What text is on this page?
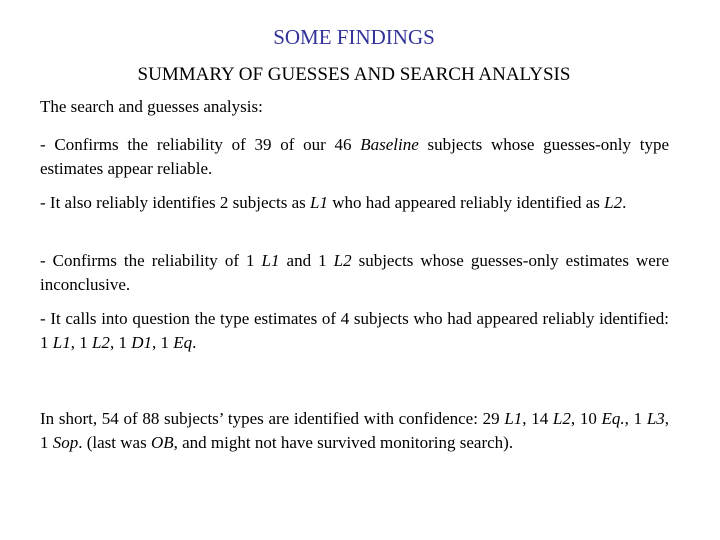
SOME FINDINGS
SUMMARY OF GUESSES AND SEARCH ANALYSIS
The search and guesses analysis:
- Confirms the reliability of 39 of our 46 Baseline subjects whose guesses-only type estimates appear reliable.
- It also reliably identifies 2 subjects as L1 who had appeared reliably identified as L2.
- Confirms the reliability of 1 L1 and 1 L2 subjects whose guesses-only estimates were inconclusive.
- It calls into question the type estimates of 4 subjects who had appeared reliably identified: 1 L1, 1 L2, 1 D1, 1 Eq.
In short, 54 of 88 subjects’ types are identified with confidence: 29 L1, 14 L2, 10 Eq., 1 L3, 1 Sop. (last was OB, and might not have survived monitoring search).
